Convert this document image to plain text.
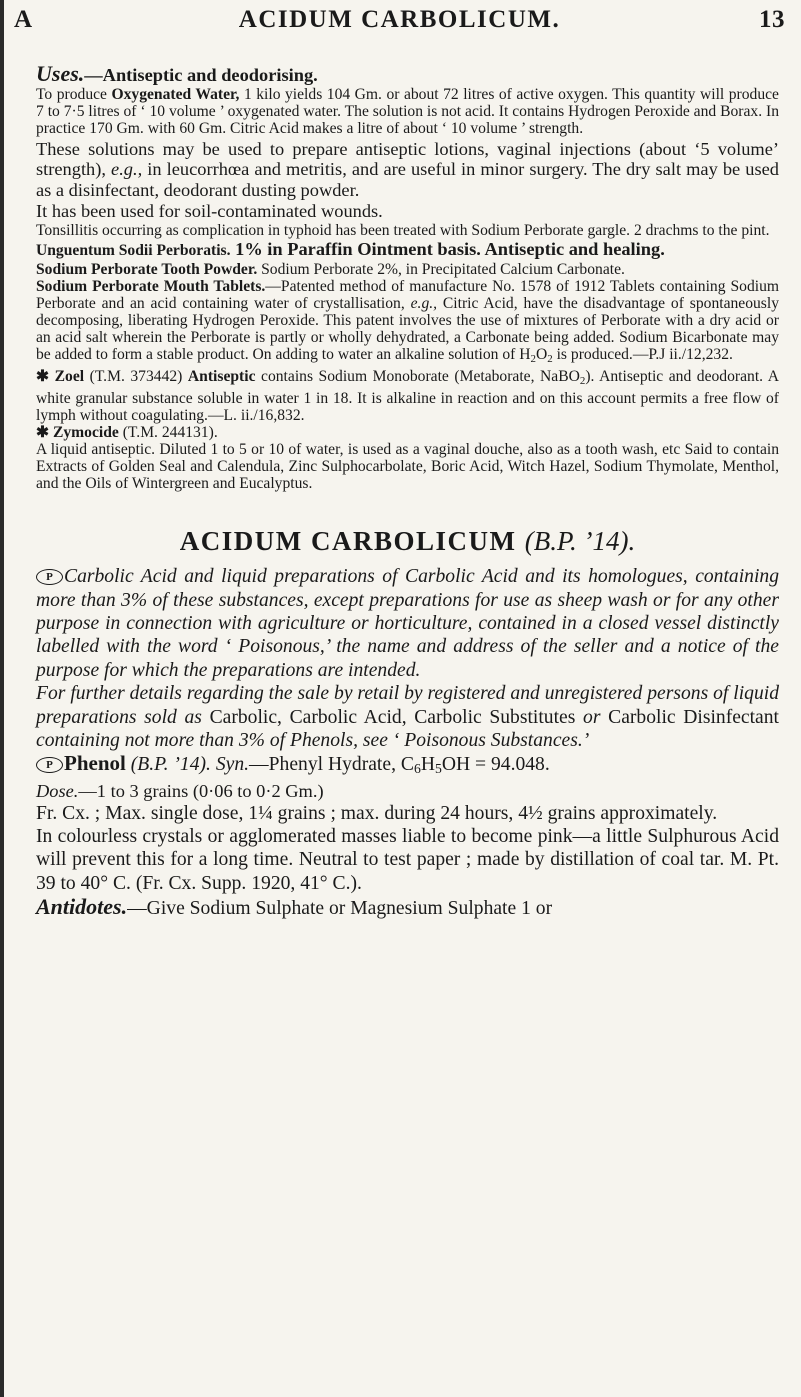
A	ACIDUM CARBOLICUM.	13

Uses.—Antiseptic and deodorising.

To produce Oxygenated Water, 1 kilo yields 104 Gm. or about 72 litres of active oxygen. This quantity will produce 7 to 7·5 litres of ‘ 10 volume ’ oxygenated water. The solution is not acid. It contains Hydrogen Peroxide and Borax. In practice 170 Gm. with 60 Gm. Citric Acid makes a litre of about ‘ 10 volume ’ strength.

These solutions may be used to prepare antiseptic lotions, vaginal injections (about ‘5 volume’ strength), e.g., in leucorrhœa and metritis, and are useful in minor surgery. The dry salt may be used as a disinfectant, deodorant dusting powder.

It has been used for soil-contaminated wounds.

Tonsillitis occurring as complication in typhoid has been treated with Sodium Perborate gargle. 2 drachms to the pint.

Unguentum Sodii Perboratis. 1% in Paraffin Ointment basis. Antiseptic and healing.

Sodium Perborate Tooth Powder. Sodium Perborate 2%, in Precipitated Calcium Carbonate.

Sodium Perborate Mouth Tablets.—Patented method of manufacture No. 1578 of 1912 Tablets containing Sodium Perborate and an acid containing water of crystallisation, e.g., Citric Acid, have the disadvantage of spontaneously decomposing, liberating Hydrogen Peroxide. This patent involves the use of mixtures of Perborate with a dry acid or an acid salt wherein the Perborate is partly or wholly dehydrated, a Carbonate being added. Sodium Bicarbonate may be added to form a stable product. On adding to water an alkaline solution of $H_2O_2$ is produced.—P.J ii./12,232.

✱ Zoel (T.M. 373442) Antiseptic contains Sodium Monoborate (Metaborate, NaBO$_2$). Antiseptic and deodorant. A white granular substance soluble in water 1 in 18. It is alkaline in reaction and on this account permits a free flow of lymph without coagulating.—L. ii./16,832.

✱ Zymocide (T.M. 244131).

A liquid antiseptic. Diluted 1 to 5 or 10 of water, is used as a vaginal douche, also as a tooth wash, etc Said to contain Extracts of Golden Seal and Calendula, Zinc Sulphocarbolate, Boric Acid, Witch Hazel, Sodium Thymolate, Menthol, and the Oils of Wintergreen and Eucalyptus.

ACIDUM CARBOLICUM (B.P. ’14).

P Carbolic Acid and liquid preparations of Carbolic Acid and its homologues, containing more than 3% of these substances, except preparations for use as sheep wash or for any other purpose in connection with agriculture or horticulture, contained in a closed vessel distinctly labelled with the word ‘ Poisonous,’ the name and address of the seller and a notice of the purpose for which the preparations are intended.

For further details regarding the sale by retail by registered and unregistered persons of liquid preparations sold as Carbolic, Carbolic Acid, Carbolic Substitutes or Carbolic Disinfectant containing not more than 3% of Phenols, see ‘ Poisonous Substances.’

P Phenol (B.P. ’14). Syn.—Phenyl Hydrate, $C_6H_5OH = 94.048$.

Dose.—1 to 3 grains (0·06 to 0·2 Gm.)

Fr. Cx. ; Max. single dose, 1¼ grains ; max. during 24 hours, 4½ grains approximately.

In colourless crystals or agglomerated masses liable to become pink—a little Sulphurous Acid will prevent this for a long time. Neutral to test paper ; made by distillation of coal tar. M. Pt. 39 to 40° C. (Fr. Cx. Supp. 1920, 41° C.).

Antidotes.—Give Sodium Sulphate or Magnesium Sulphate 1 or
